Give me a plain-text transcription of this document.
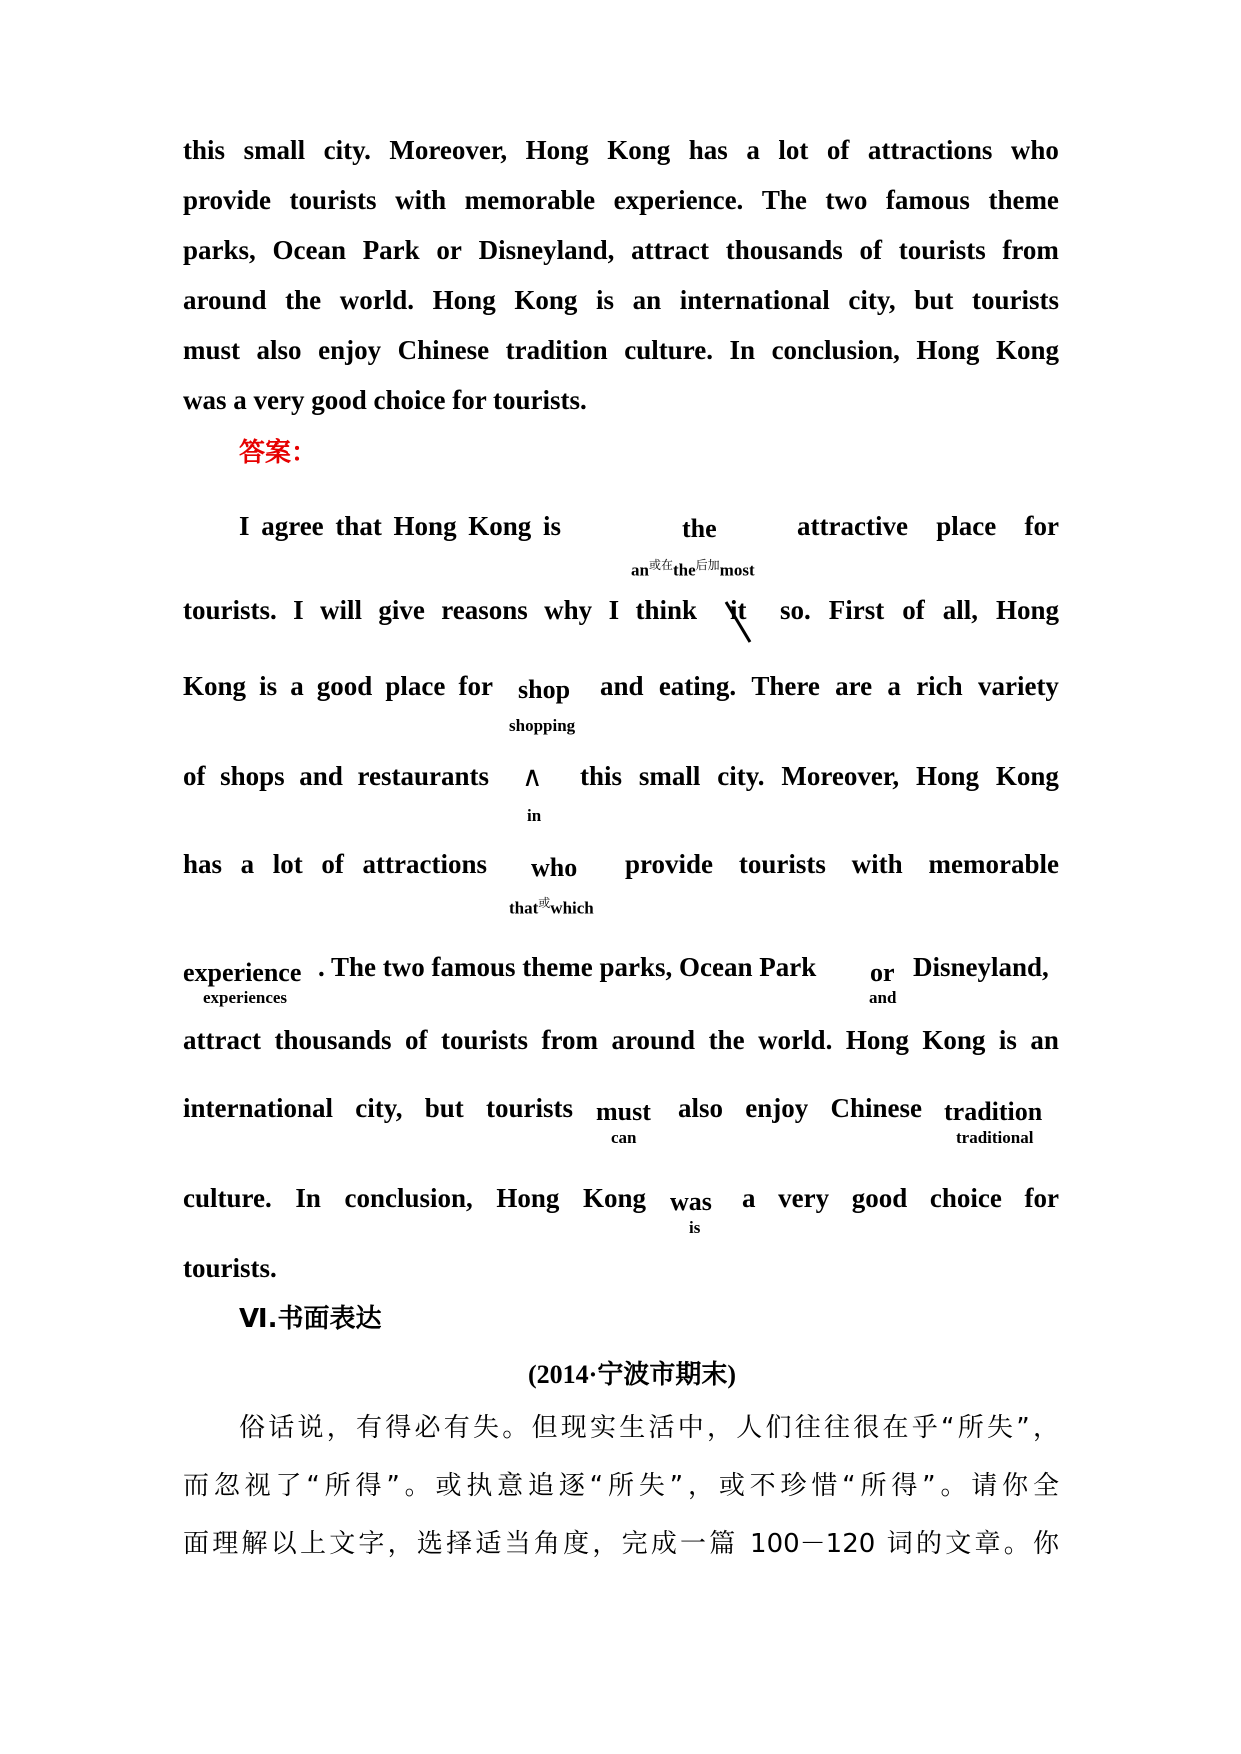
this small city. Moreover, Hong Kong has a lot of attractions who
provide tourists with memorable experience. The two famous theme
parks, Ocean Park or Disneyland, attract thousands of tourists from
around the world. Hong Kong is an international city, but tourists
must also enjoy Chinese tradition culture. In conclusion, Hong Kong
was a very good choice for tourists.
答案：
I agree that Hong Kong is	the
$an^{或在}the^{后加}most$
attractive place for
tourists. I will give reasons why I think it so. First of all, Hong
Kong is a good place for shop
shopping
and eating. There are a rich variety
of shops and restaurants ∧
in
this small city. Moreover, Hong Kong
has a lot of attractions who
that$^或$which
provide tourists with memorable
experience
experiences
. The two famous theme parks, Ocean Park or
and
Disneyland,
attract thousands of tourists from around the world. Hong Kong is an
international city, but tourists must
can
also enjoy Chinese tradition
traditional
culture. In conclusion, Hong Kong was
is
a very good choice for
tourists.
Ⅵ.书面表达
(2014·宁波市期末)
俗话说，有得必有失。但现实生活中，人们往往很在乎“所失”，
而忽视了“所得”。或执意追逐“所失”，或不珍惜“所得”。请你全
面理解以上文字，选择适当角度，完成一篇 100－120 词的文章。你
